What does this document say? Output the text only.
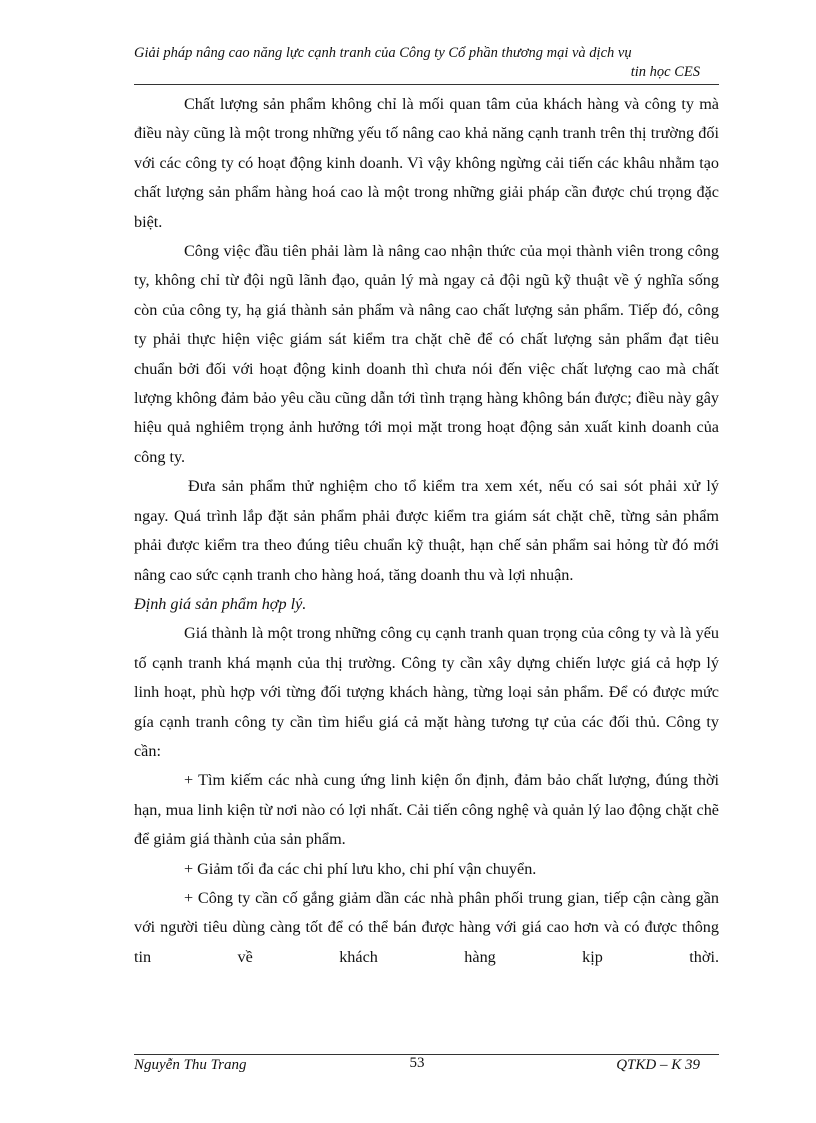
Giải pháp nâng cao năng lực cạnh tranh của Công ty Cổ phần thương mại và dịch vụ
tin học CES

Chất lượng sản phẩm không chỉ là mối quan tâm của khách hàng và công ty mà điều này cũng là một trong những yếu tố nâng cao khả năng cạnh tranh trên thị trường đối với các công ty có hoạt động kinh doanh. Vì vậy không ngừng cải tiến các khâu nhằm tạo chất lượng sản phẩm hàng hoá cao là một trong những giải pháp cần được chú trọng đặc biệt.

Công việc đầu tiên phải làm là nâng cao nhận thức của mọi thành viên trong công ty, không chỉ từ đội ngũ lãnh đạo, quản lý mà ngay cả đội ngũ kỹ thuật về ý nghĩa sống còn của công ty, hạ giá thành sản phẩm và nâng cao chất lượng sản phẩm. Tiếp đó, công ty phải thực hiện việc giám sát kiểm tra chặt chẽ để có chất lượng sản phẩm đạt tiêu chuẩn bởi đối với hoạt động kinh doanh thì chưa nói đến việc chất lượng cao mà chất lượng không đảm bảo yêu cầu cũng dẫn tới tình trạng hàng không bán được; điều này gây hiệu quả nghiêm trọng ảnh hưởng tới mọi mặt trong hoạt động sản xuất kinh doanh của công ty.

Đưa sản phẩm thử nghiệm cho tổ kiểm tra xem xét, nếu có sai sót phải xử lý ngay. Quá trình lắp đặt sản phẩm phải được kiểm tra giám sát chặt chẽ, từng sản phẩm phải được kiểm tra theo đúng tiêu chuẩn kỹ thuật, hạn chế sản phẩm sai hỏng từ đó mới nâng cao sức cạnh tranh cho hàng hoá, tăng doanh thu và lợi nhuận.

Định giá sản phẩm hợp lý.

Giá thành là một trong những công cụ cạnh tranh quan trọng của công ty và là yếu tố cạnh tranh khá mạnh của thị trường. Công ty cần xây dựng chiến lược giá cả hợp lý linh hoạt, phù hợp với từng đối tượng khách hàng, từng loại sản phẩm. Để có được mức gía cạnh tranh công ty cần tìm hiểu giá cả mặt hàng tương tự của các đối thủ. Công ty cần:

+ Tìm kiếm các nhà cung ứng linh kiện ổn định, đảm bảo chất lượng, đúng thời hạn, mua linh kiện từ nơi nào có lợi nhất. Cải tiến công nghệ và quản lý lao động chặt chẽ để giảm giá thành của sản phẩm.

+ Giảm tối đa các chi phí lưu kho, chi phí vận chuyển.

+ Công ty cần cố gắng giảm dần các nhà phân phối trung gian, tiếp cận càng gần với người tiêu dùng càng tốt để có thể bán được hàng với giá cao hơn và có được thông tin về khách hàng kịp thời.

Nguyễn Thu Trang	53	QTKD – K 39
